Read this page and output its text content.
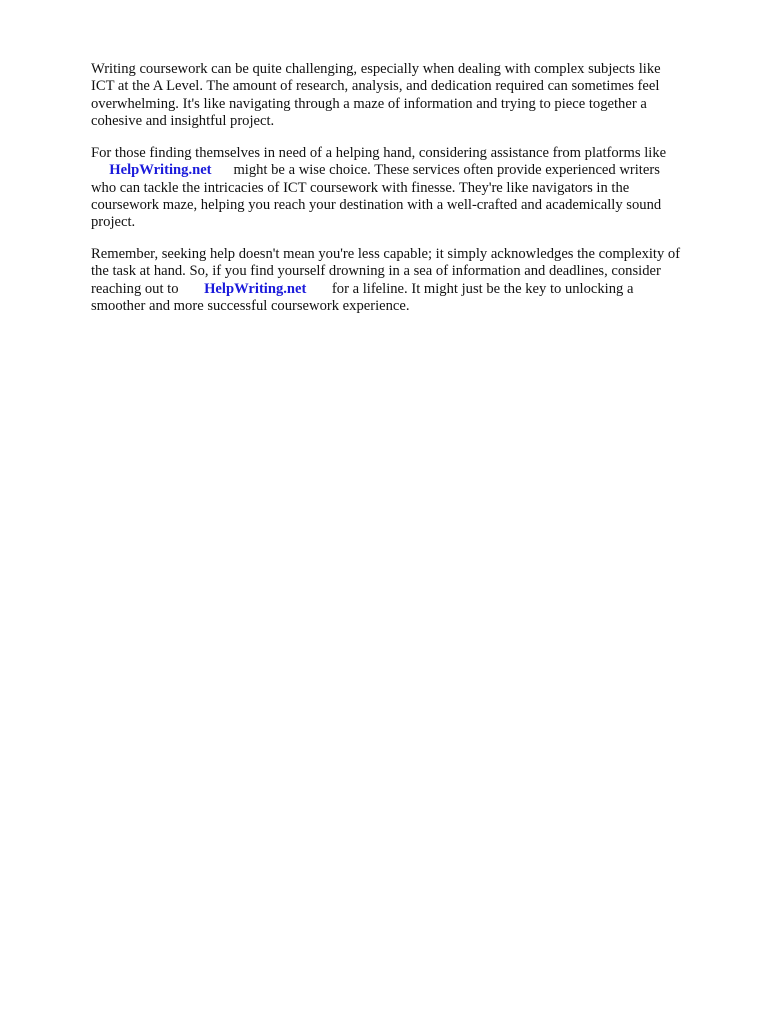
Writing coursework can be quite challenging, especially when dealing with complex subjects like
ICT at the A Level. The amount of research, analysis, and dedication required can sometimes feel
overwhelming. It's like navigating through a maze of information and trying to piece together a
cohesive and insightful project.
For those finding themselves in need of a helping hand, considering assistance from platforms like
HelpWriting.net      might be a wise choice. These services often provide experienced writers
who can tackle the intricacies of ICT coursework with finesse. They're like navigators in the
coursework maze, helping you reach your destination with a well-crafted and academically sound
project.
Remember, seeking help doesn't mean you're less capable; it simply acknowledges the complexity of
the task at hand. So, if you find yourself drowning in a sea of information and deadlines, consider
reaching out to       HelpWriting.net       for a lifeline. It might just be the key to unlocking a
smoother and more successful coursework experience.
